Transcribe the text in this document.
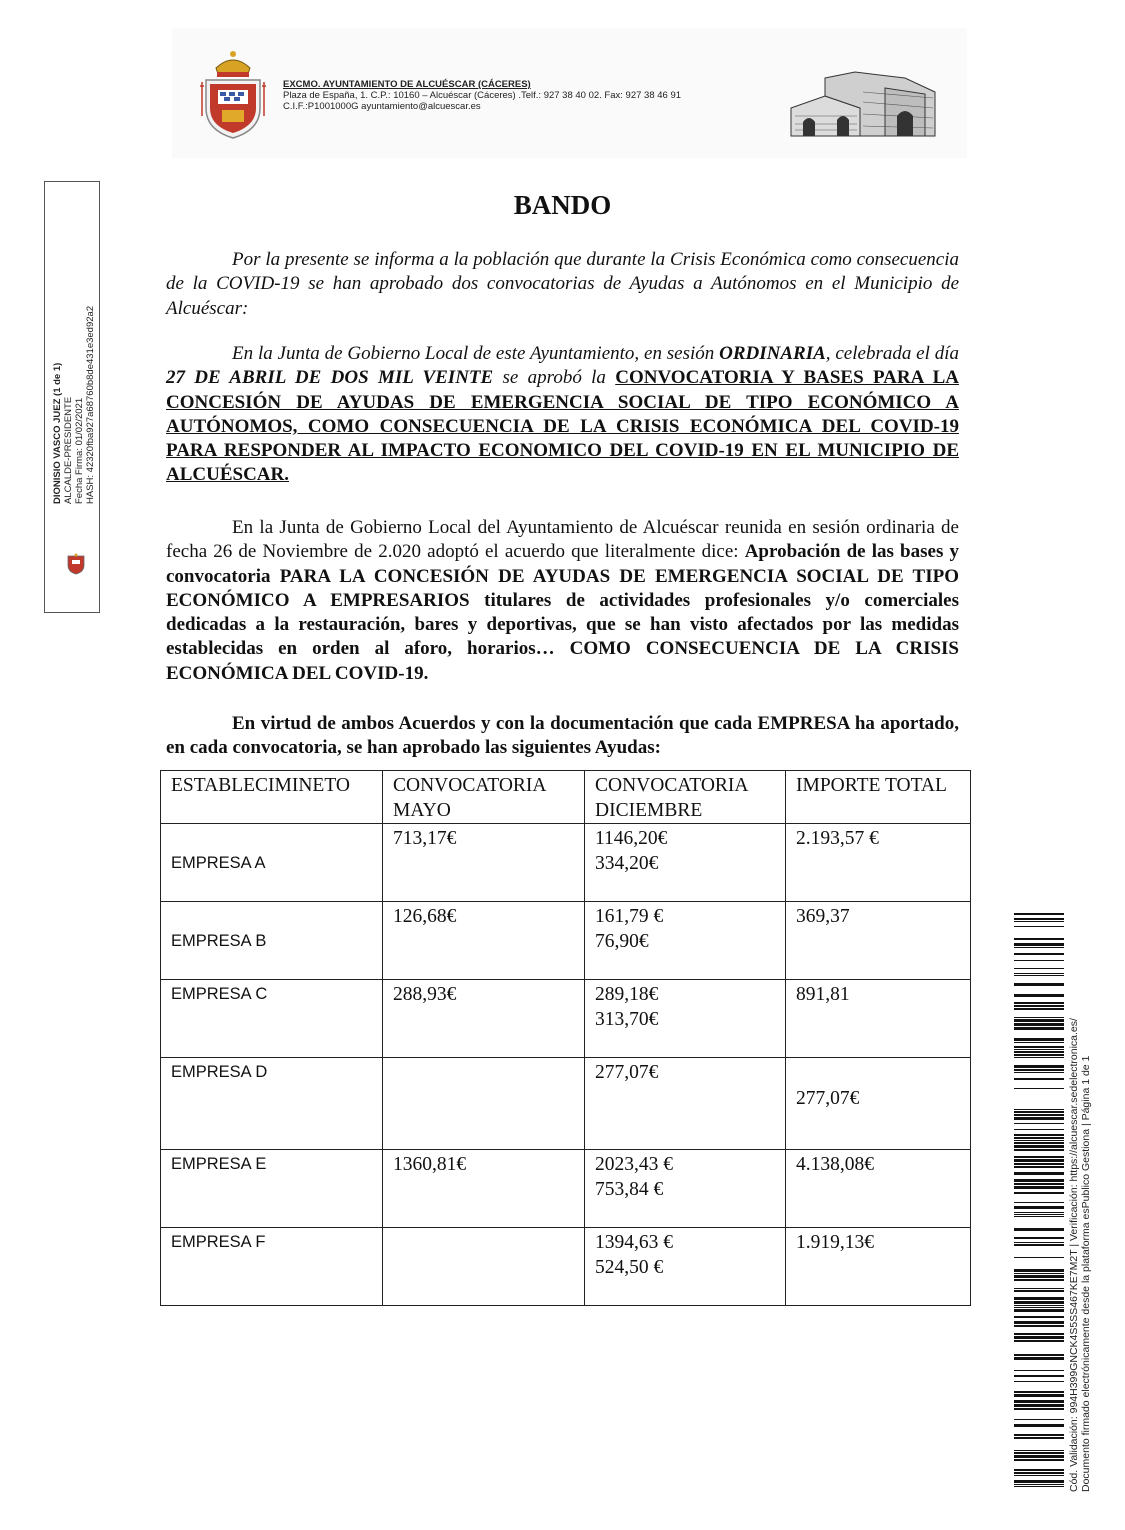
EXCMO. AYUNTAMIENTO DE ALCUÉSCAR (CÁCERES)
Plaza de España, 1. C.P.: 10160 – Alcuéscar (Cáceres) .Telf.: 927 38 40 02. Fax: 927 38 46 91
C.I.F.:P1001000G ayuntamiento@alcuescar.es
DIONISIO VASCO JUEZ (1 de 1) ALCALDE-PRESIDENTE Fecha Firma: 01/02/2021 HASH: 42320fba927a68760b8de431e3ed92a2
BANDO
Por la presente se informa a la población que durante la Crisis Económica como consecuencia de la COVID-19 se han aprobado dos convocatorias de Ayudas a Autónomos en el Municipio de Alcuéscar:
En la Junta de Gobierno Local de este Ayuntamiento, en sesión ORDINARIA, celebrada el día 27 DE ABRIL DE DOS MIL VEINTE se aprobó la CONVOCATORIA Y BASES PARA LA CONCESIÓN DE AYUDAS DE EMERGENCIA SOCIAL DE TIPO ECONÓMICO A AUTÓNOMOS, COMO CONSECUENCIA DE LA CRISIS ECONÓMICA DEL COVID-19 PARA RESPONDER AL IMPACTO ECONOMICO DEL COVID-19 EN EL MUNICIPIO DE ALCUÉSCAR.
En la Junta de Gobierno Local del Ayuntamiento de Alcuéscar reunida en sesión ordinaria de fecha 26 de Noviembre de 2.020 adoptó el acuerdo que literalmente dice: Aprobación de las bases y convocatoria PARA LA CONCESIÓN DE AYUDAS DE EMERGENCIA SOCIAL DE TIPO ECONÓMICO A EMPRESARIOS titulares de actividades profesionales y/o comerciales dedicadas a la restauración, bares y deportivas, que se han visto afectados por las medidas establecidas en orden al aforo, horarios… COMO CONSECUENCIA DE LA CRISIS ECONÓMICA DEL COVID-19.
En virtud de ambos Acuerdos y con la documentación que cada EMPRESA ha aportado, en cada convocatoria, se han aprobado las siguientes Ayudas:
ESTABLECIMINETO	CONVOCATORIA MAYO	CONVOCATORIA DICIEMBRE	IMPORTE TOTAL

EMPRESA A	713,17€	1146,20€
334,20€	2.193,57 €

EMPRESA B	126,68€	161,79 €
76,90€	369,37
EMPRESA C	288,93€	289,18€
313,70€	891,81
EMPRESA D		277,07€	277,07€
EMPRESA E	1360,81€	2023,43 €
753,84 €	4.138,08€
EMPRESA F		1394,63 €
524,50 €	1.919,13€	Cód. Validación: 994H399GNCK4S5SS467KE7M2T | Verificación: https://alcuescar.sedelectronica.es/ Documento firmado electrónicamente desde la plataforma esPublico Gestiona | Página 1 de 1
